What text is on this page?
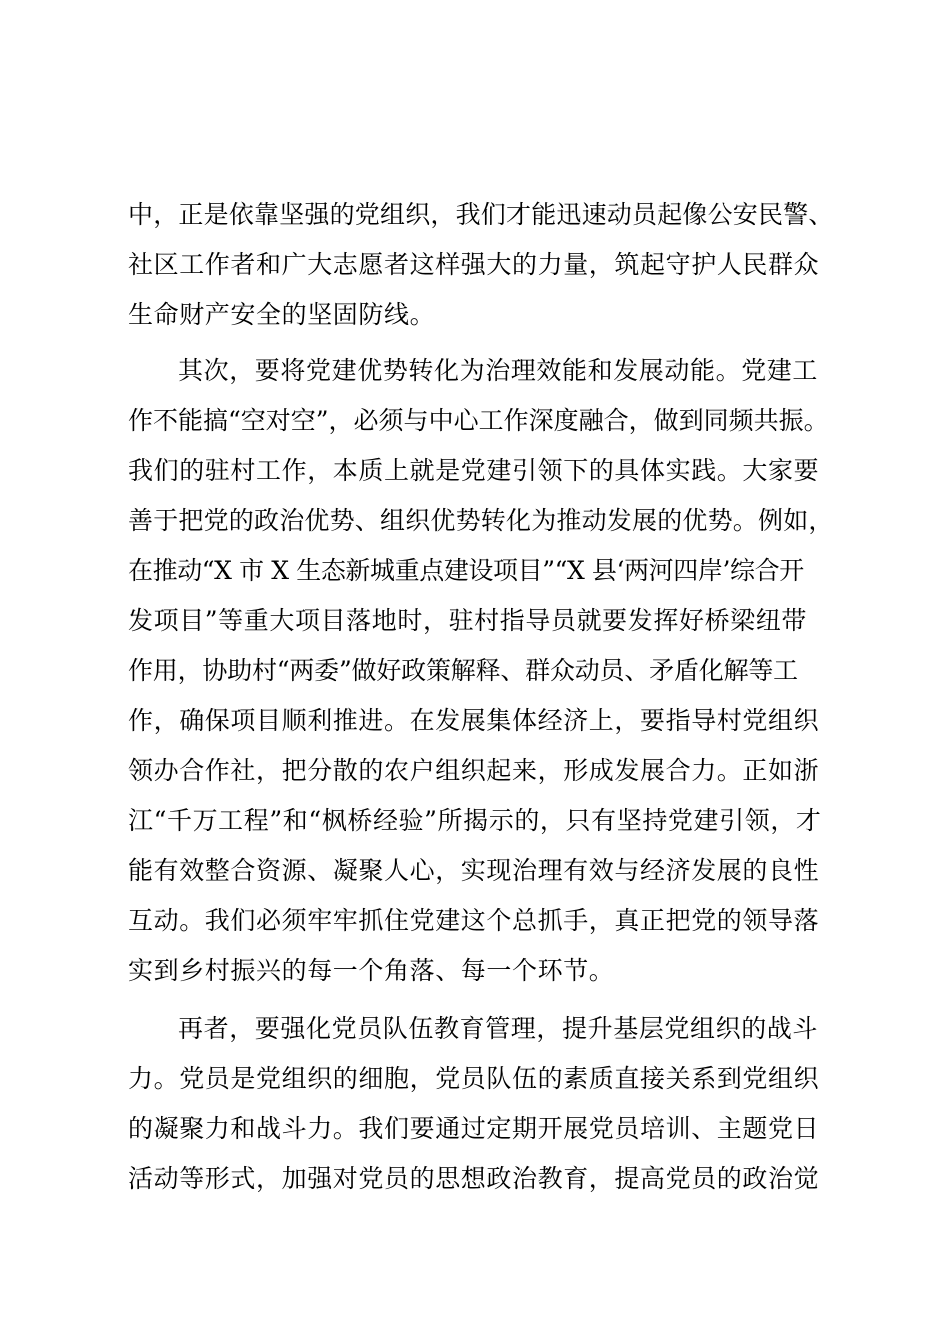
中，正是依靠坚强的党组织，我们才能迅速动员起像公安民警、
社区工作者和广大志愿者这样强大的力量，筑起守护人民群众
生命财产安全的坚固防线。
其次，要将党建优势转化为治理效能和发展动能。党建工
作不能搞“空对空”，必须与中心工作深度融合，做到同频共振。
我们的驻村工作，本质上就是党建引领下的具体实践。大家要
善于把党的政治优势、组织优势转化为推动发展的优势。例如，
在推动“X 市 X 生态新城重点建设项目”“X 县‘两河四岸’综合开
发项目”等重大项目落地时，驻村指导员就要发挥好桥梁纽带
作用，协助村“两委”做好政策解释、群众动员、矛盾化解等工
作，确保项目顺利推进。在发展集体经济上，要指导村党组织
领办合作社，把分散的农户组织起来，形成发展合力。正如浙
江“千万工程”和“枫桥经验”所揭示的，只有坚持党建引领，才
能有效整合资源、凝聚人心，实现治理有效与经济发展的良性
互动。我们必须牢牢抓住党建这个总抓手，真正把党的领导落
实到乡村振兴的每一个角落、每一个环节。
再者，要强化党员队伍教育管理，提升基层党组织的战斗
力。党员是党组织的细胞，党员队伍的素质直接关系到党组织
的凝聚力和战斗力。我们要通过定期开展党员培训、主题党日
活动等形式，加强对党员的思想政治教育，提高党员的政治觉
